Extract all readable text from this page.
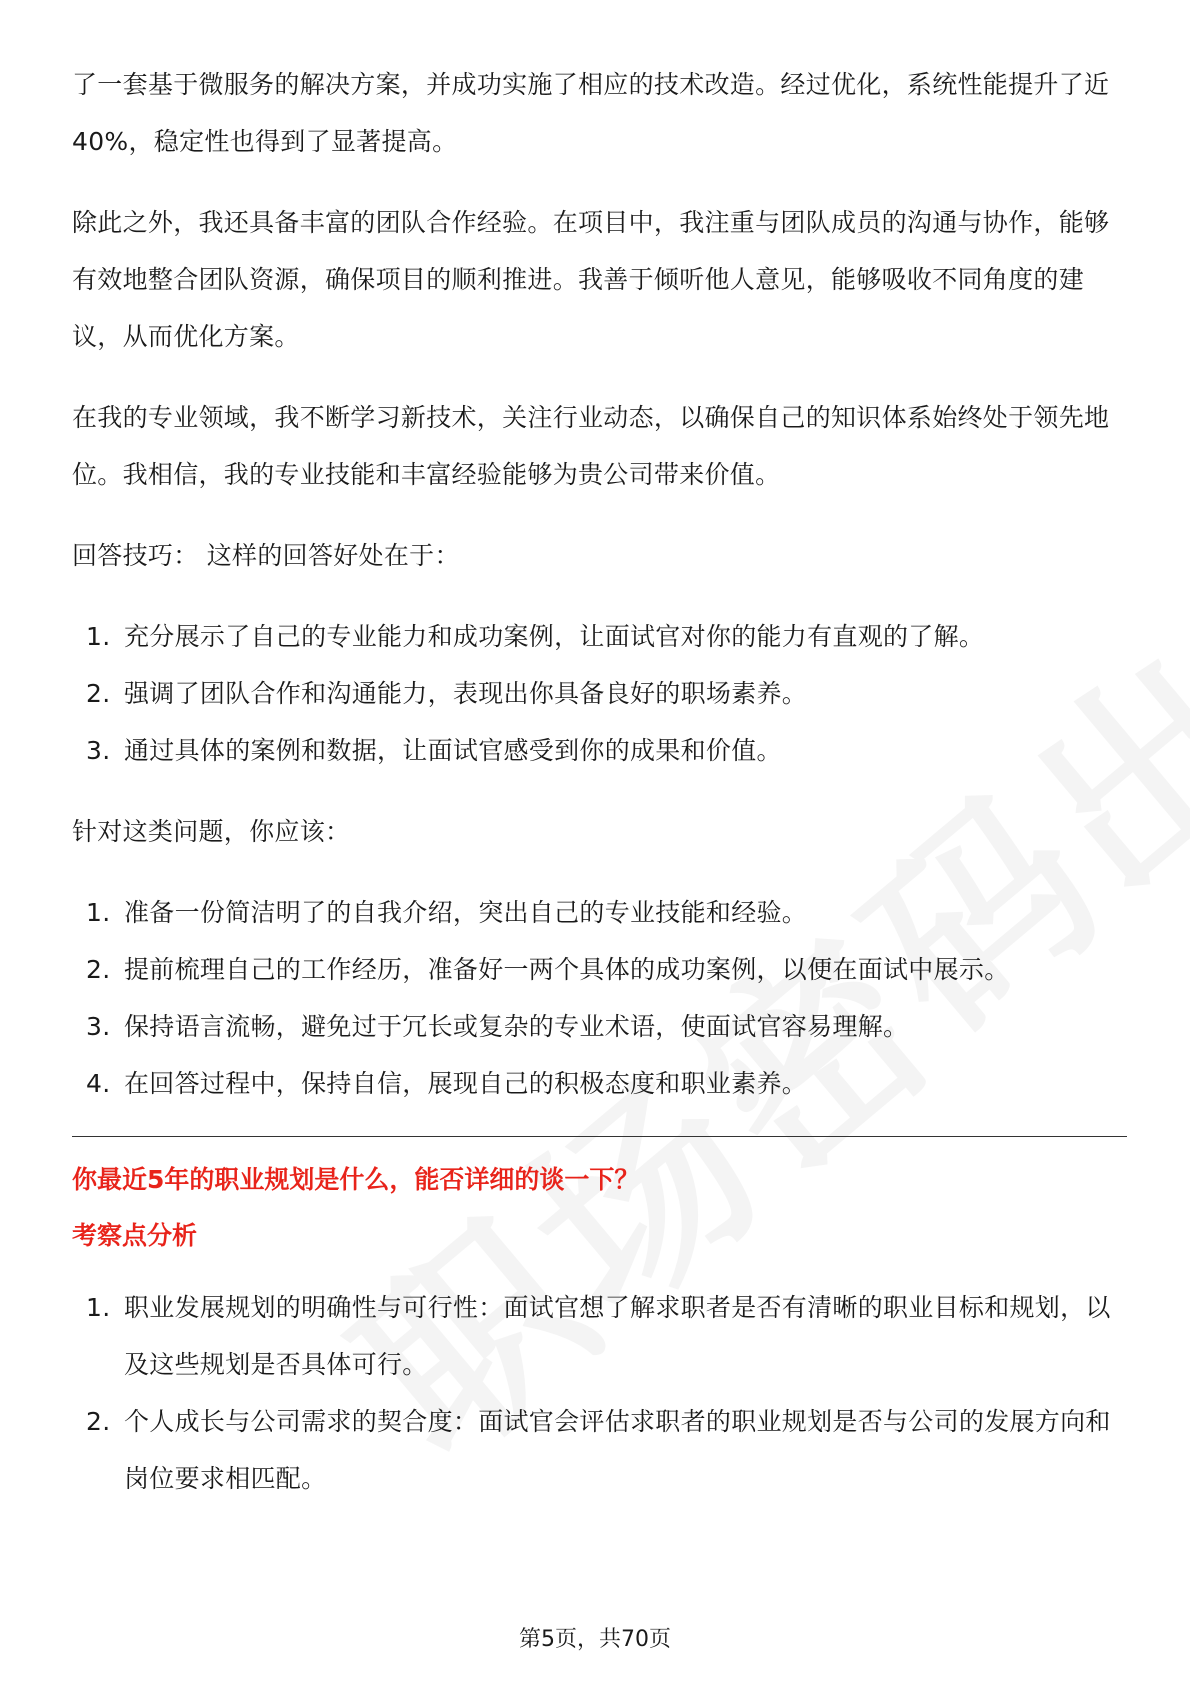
了一套基于微服务的解决方案，并成功实施了相应的技术改造。经过优化，系统性能提升了近40%，稳定性也得到了显著提高。

除此之外，我还具备丰富的团队合作经验。在项目中，我注重与团队成员的沟通与协作，能够有效地整合团队资源，确保项目的顺利推进。我善于倾听他人意见，能够吸收不同角度的建议，从而优化方案。

在我的专业领域，我不断学习新技术，关注行业动态，以确保自己的知识体系始终处于领先地位。我相信，我的专业技能和丰富经验能够为贵公司带来价值。

回答技巧： 这样的回答好处在于：

1. 充分展示了自己的专业能力和成功案例，让面试官对你的能力有直观的了解。
2. 强调了团队合作和沟通能力，表现出你具备良好的职场素养。
3. 通过具体的案例和数据，让面试官感受到你的成果和价值。

针对这类问题，你应该：

1. 准备一份简洁明了的自我介绍，突出自己的专业技能和经验。
2. 提前梳理自己的工作经历，准备好一两个具体的成功案例，以便在面试中展示。
3. 保持语言流畅，避免过于冗长或复杂的专业术语，使面试官容易理解。
4. 在回答过程中，保持自信，展现自己的积极态度和职业素养。
你最近5年的职业规划是什么，能否详细的谈一下？
考察点分析
1. 职业发展规划的明确性与可行性：面试官想了解求职者是否有清晰的职业目标和规划，以及这些规划是否具体可行。
2. 个人成长与公司需求的契合度：面试官会评估求职者的职业规划是否与公司的发展方向和岗位要求相匹配。
第5页，共70页
